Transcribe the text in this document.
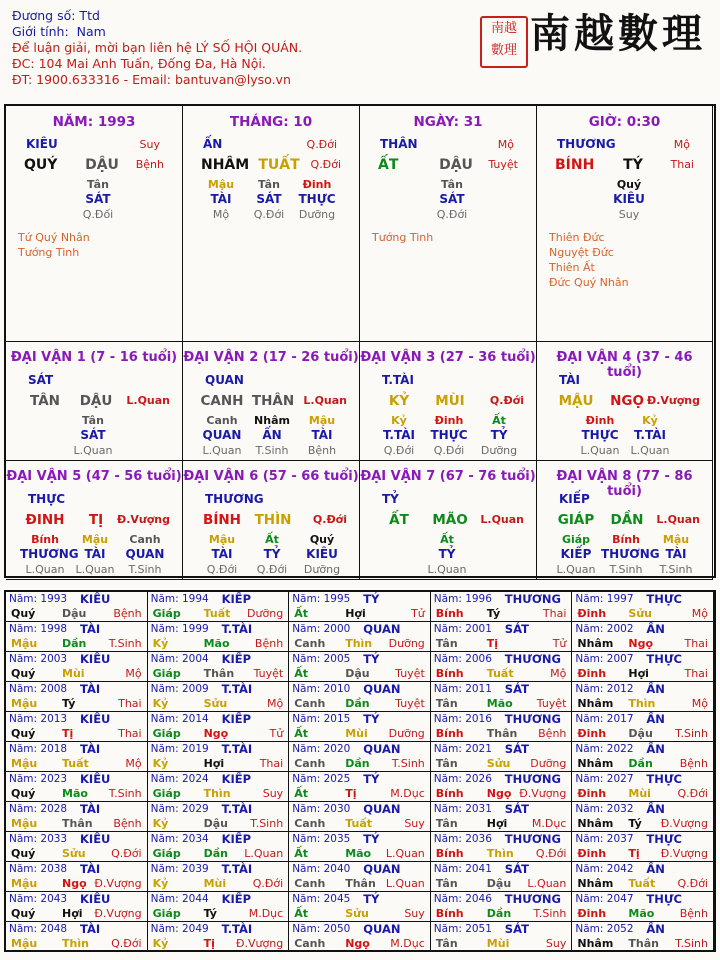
Đương số: Ttd
Giới tính: Nam
Để luận giải, mời bạn liên hệ LÝ SỐ HỘI QUÁN.
ĐC: 104 Mai Anh Tuấn, Đống Đa, Hà Nội.
ĐT: 1900.633316 - Email: bantuvan@lyso.vn
南越
數理 南越數理
NĂM: 1993
KIÊU	Suy
QUÝ	DẬU	Bệnh
Tân
SÁT
Q.Đối
Tứ Quý Nhân
Tướng Tinh
THÁNG: 10
ẤN	Q.Đới
NHÂM TUẤT Q.Đới
Mậu
TÀI
Mộ
Tân
SÁT
Q.Đới
Đinh
THỰC
Dưỡng
NGÀY: 31
THÂN	Mộ
ẤT	DẬU	Tuyệt
Tân
SÁT
Q.Đới
Tướng Tinh
GIỜ: 0:30
THƯƠNG	Mộ
BÍNH	TÝ	Thai
Quý
KIÊU
Suy
Thiên Đức
Nguyệt Đức
Thiên Ất
Đức Quý Nhân
ĐẠI VẬN 1 (7 - 16 tuổi)
SÁT
TÂN	DẬU	L.Quan
Tân
SÁT
L.Quan
ĐẠI VẬN 2 (17 - 26 tuổi)
QUAN
CANH THÂN L.Quan
Canh
QUAN
L.Quan
Nhâm
ẤN
T.Sinh
Mậu
TÀI
Bệnh
ĐẠI VẬN 3 (27 - 36 tuổi)
T.TÀI
KỶ	MÙI	Q.Đới
Kỷ
T.TÀI
Q.Đới
Đinh
THỰC
Q.Đới
Ất
TỶ
Dưỡng
ĐẠI VẬN 4 (37 - 46 tuổi)
TÀI
MẬU	NGỌ Đ.Vượng
Đinh
THỰC
L.Quan
Kỷ
T.TÀI
L.Quan
ĐẠI VẬN 5 (47 - 56 tuổi)
THỰC
ĐINH	TỊ	Đ.Vượng
Bính
THƯƠNG
L.Quan
Mậu
TÀI
L.Quan
Canh
QUAN
T.Sinh
ĐẠI VẬN 6 (57 - 66 tuổi)
THƯƠNG
BÍNH	THÌN	Q.Đới
Mậu
TÀI
Q.Đới
Ất
TỶ
Q.Đới
Quý
KIÊU
Dưỡng
ĐẠI VẬN 7 (67 - 76 tuổi)
TỶ
ẤT	MÃO	L.Quan
Ất
TỶ
L.Quan
ĐẠI VẬN 8 (77 - 86 tuổi)
KIẾP
GIÁP	DẦN	L.Quan
Giáp
KIẾP
L.Quan
Bính
THƯƠNG
T.Sinh
Mậu
TÀI
T.Sinh
Năm: 1993 KIÊU
Quý Dậu Bệnh
Năm: 1994 KIẾP
Giáp Tuất Dưỡng
Năm: 1995 TỶ
Ất	Hợi	Tử
Năm: 1996 THƯƠNG
Bính Tý	Thai
Năm: 1997 THỰC
Đinh Sửu	Mộ
Năm: 1998 TÀI
Mậu Dần T.Sinh
Năm: 1999 T.TÀI
Kỷ	Mão Bệnh
Năm: 2000 QUAN
Canh Thìn Dưỡng
Năm: 2001 SÁT
Tân	Tị	Tử
Năm: 2002 ẤN
Nhâm Ngọ	Thai
Năm: 2003 KIÊU
Quý Mùi	Mộ
Năm: 2004 KIẾP
Giáp Thân Tuyệt
Năm: 2005 TỶ
Ất	Dậu Tuyệt
Năm: 2006 THƯƠNG
Bính Tuất	Mộ
Năm: 2007 THỰC
Đinh Hợi	Thai
Năm: 2008 TÀI
Mậu Tý	Thai
Năm: 2009 T.TÀI
Kỷ	Sửu	Mộ
Năm: 2010 QUAN
Canh Dần Tuyệt
Năm: 2011 SÁT
Tân	Mão Tuyệt
Năm: 2012 ẤN
Nhâm Thìn	Mộ
Năm: 2013 KIÊU
Quý Tị	Thai
Năm: 2014 KIẾP
Giáp Ngọ	Tử
Năm: 2015 TỶ
Ất	Mùi Dưỡng
Năm: 2016 THƯƠNG
Bính Thân Bệnh
Năm: 2017 ẤN
Đinh Dậu T.Sinh
Năm: 2018 TÀI
Mậu Tuất	Mộ
Năm: 2019 T.TÀI
Kỷ	Hợi	Thai
Năm: 2020 QUAN
Canh Dần T.Sinh
Năm: 2021 SÁT
Tân	Sửu Dưỡng
Năm: 2022 ẤN
Nhâm Dần Bệnh
Năm: 2023 KIÊU
Quý Mão T.Sinh
Năm: 2024 KIẾP
Giáp Thìn	Suy
Năm: 2025 TỶ
Ất	Tị	M.Dục
Năm: 2026 THƯƠNG
Bính Ngọ Đ.Vượng
Năm: 2027 THỰC
Đinh Mùi Q.Đới
Năm: 2028 TÀI
Mậu Thân Bệnh
Năm: 2029 T.TÀI
Kỷ	Dậu T.Sinh
Năm: 2030 QUAN
Canh Tuất	Suy
Năm: 2031 SÁT
Tân	Hợi M.Dục
Năm: 2032 ẤN
Nhâm Tý Đ.Vượng
Năm: 2033 KIÊU
Quý Sửu Q.Đới
Năm: 2034 KIẾP
Giáp Dần L.Quan
Năm: 2035 TỶ
Ất	Mão L.Quan
Năm: 2036 THƯƠNG
Bính Thìn Q.Đới
Năm: 2037 THỰC
Đinh Tị Đ.Vượng
Năm: 2038 TÀI
Mậu Ngọ Đ.Vượng
Năm: 2039 T.TÀI
Kỷ	Mùi Q.Đới
Năm: 2040 QUAN
Canh Thân L.Quan
Năm: 2041 SÁT
Tân	Dậu L.Quan
Năm: 2042 ẤN
Nhâm Tuất Q.Đới
Năm: 2043 KIÊU
Quý Hợi Đ.Vượng
Năm: 2044 KIẾP
Giáp Tý	M.Dục
Năm: 2045 TỶ
Ất	Sửu	Suy
Năm: 2046 THƯƠNG
Bính Dần T.Sinh
Năm: 2047 THỰC
Đinh Mão Bệnh
Năm: 2048 TÀI
Mậu Thìn Q.Đới
Năm: 2049 T.TÀI
Kỷ	Tị Đ.Vượng
Năm: 2050 QUAN
Canh Ngọ M.Dục
Năm: 2051 SÁT
Tân	Mùi	Suy
Năm: 2052 ẤN
Nhâm Thân T.Sinh
